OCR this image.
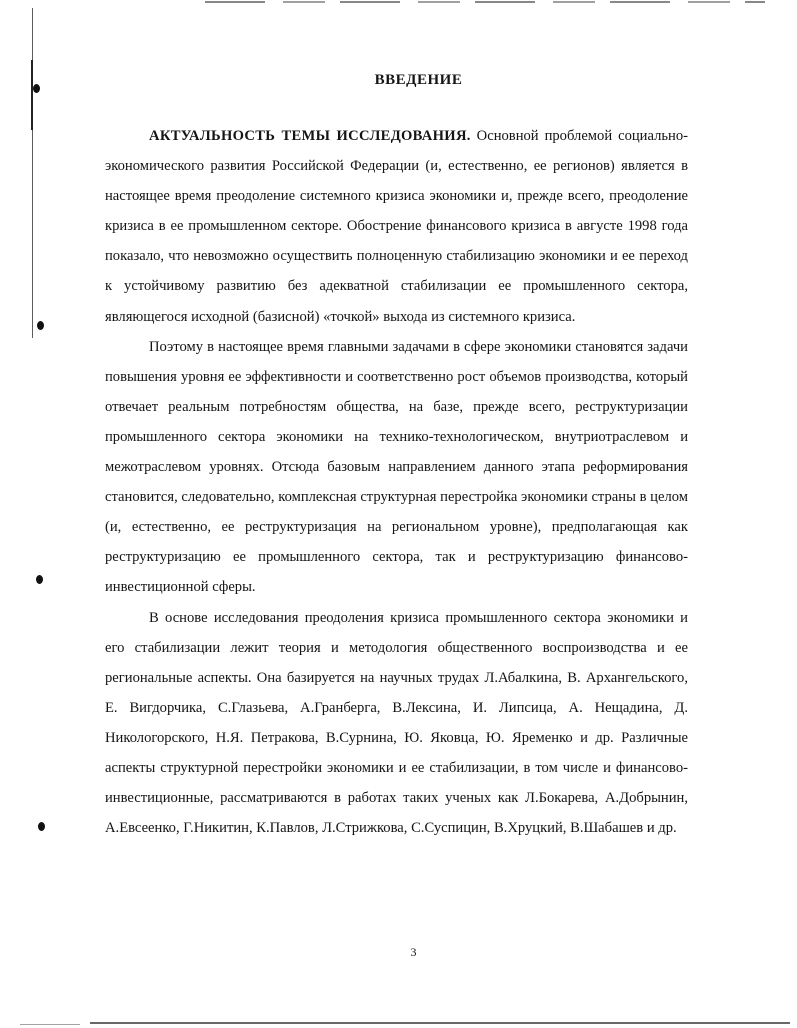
ВВЕДЕНИЕ

АКТУАЛЬНОСТЬ ТЕМЫ ИССЛЕДОВАНИЯ. Основной проблемой социально-экономического развития Российской Федерации (и, естественно, ее регионов) является в настоящее время преодоление системного кризиса экономики и, прежде всего, преодоление кризиса в ее промышленном секторе. Обострение финансового кризиса в августе 1998 года показало, что невозможно осуществить полноценную стабилизацию экономики и ее переход к устойчивому развитию без адекватной стабилизации ее промышленного сектора, являющегося исходной (базисной) «точкой» выхода из системного кризиса.

Поэтому в настоящее время главными задачами в сфере экономики становятся задачи повышения уровня ее эффективности и соответственно рост объемов производства, который отвечает реальным потребностям общества, на базе, прежде всего, реструктуризации промышленного сектора экономики на технико-технологическом, внутриотраслевом и межотраслевом уровнях. Отсюда базовым направлением данного этапа реформирования становится, следовательно, комплексная структурная перестройка экономики страны в целом (и, естественно, ее реструктуризация на региональном уровне), предполагающая как реструктуризацию ее промышленного сектора, так и реструктуризацию финансово-инвестиционной сферы.

В основе исследования преодоления кризиса промышленного сектора экономики и его стабилизации лежит теория и методология общественного воспроизводства и ее региональные аспекты. Она базируется на научных трудах Л.Абалкина, В. Архангельского, Е. Вигдорчика, С.Глазьева, А.Гранберга, В.Лексина, И. Липсица, А. Нещадина, Д. Никологорского, Н.Я. Петракова, В.Сурнина, Ю. Яковца, Ю. Яременко и др. Различные аспекты структурной перестройки экономики и ее стабилизации, в том числе и финансово-инвестиционные, рассматриваются в работах таких ученых как Л.Бокарева, А.Добрынин, А.Евсеенко, Г.Никитин, К.Павлов, Л.Стрижкова, С.Суспицин, В.Хруцкий, В.Шабашев и др.

3
